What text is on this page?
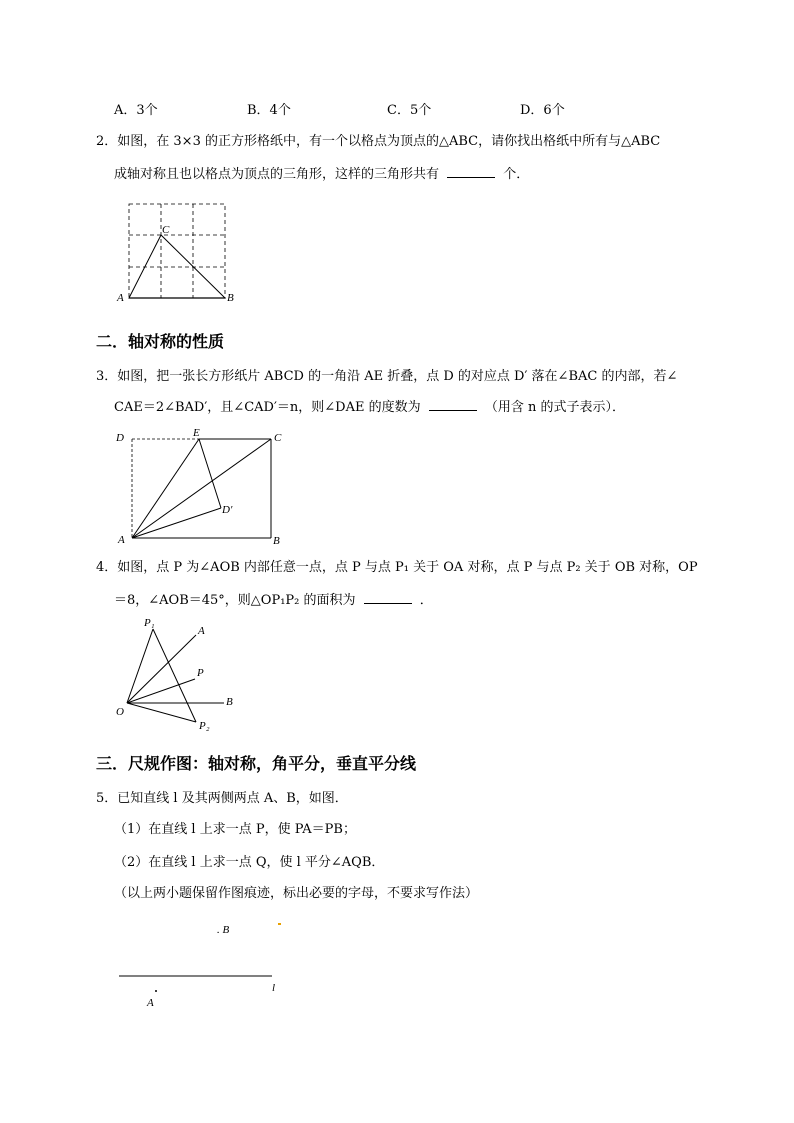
A．3个	B．4个	C．5个	D．6个
2．如图，在 3×3 的正方形格纸中，有一个以格点为顶点的△ABC，请你找出格纸中所有与△ABC
成轴对称且也以格点为顶点的三角形，这样的三角形共有	个．
A	B
C
二．轴对称的性质
3．如图，把一张长方形纸片 ABCD 的一角沿 AE 折叠，点 D 的对应点 D′ 落在∠BAC 的内部，若∠
CAE＝2∠BAD′，且∠CAD′＝n，则∠DAE 的度数为	（用含 n 的式子表示）．
D	E	C
D′
A	B
4．如图，点 P 为∠AOB 内部任意一点，点 P 与点 P₁ 关于 OA 对称，点 P 与点 P₂ 关于 OB 对称，OP
＝8，∠AOB＝45°，则△OP₁P₂ 的面积为	．
P₁
A
P
B
O
P₂
三．尺规作图：轴对称，角平分，垂直平分线
5．已知直线 l 及其两侧两点 A、B，如图．
（1）在直线 l 上求一点 P，使 PA＝PB；
（2）在直线 l 上求一点 Q，使 l 平分∠AQB．
（以上两小题保留作图痕迹，标出必要的字母，不要求写作法）
. B
A
l
